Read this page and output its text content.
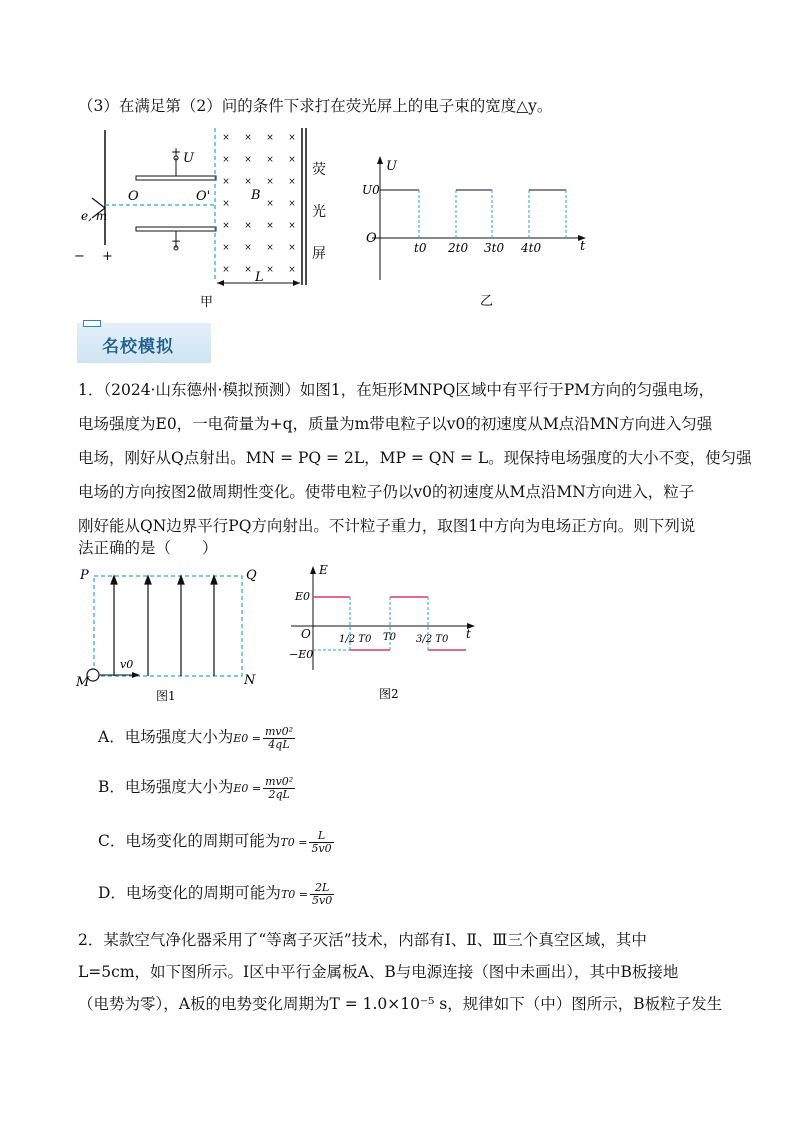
（3）在满足第（2）问的条件下求打在荧光屏上的电子束的宽度△y。
× × × ×
× × × ×
× × × ×
×	× ×
× × × ×
× × × ×
× × × ×
+ U
O	O'
e, m
− +
−
B
荧
光
屏
L
甲
U
U0
O
t
t0 2t0 3t0 4t0
乙
名校模拟
1．（2024·山东德州·模拟预测）如图1，在矩形MNPQ区域中有平行于PM方向的匀强电场，
电场强度为E0，一电荷量为+q，质量为m带电粒子以v0的初速度从M点沿MN方向进入匀强
电场，刚好从Q点射出。MN = PQ = 2L，MP = QN = L。现保持电场强度的大小不变，使匀强
电场的方向按图2做周期性变化。使带电粒子仍以v0的初速度从M点沿MN方向进入，粒子
刚好能从QN边界平行PQ方向射出。不计粒子重力，取图1中方向为电场正方向。则下列说
法正确的是（　　）
P	Q
M	N
v0
图1
E
E0
−E0
O	t
1/2 T0 T0 3/2 T0
图2
A．电场强度大小为$E0 = \frac{\text{mv0²}}{4qL}$
B．电场强度大小为$E0 = \frac{\text{mv0²}}{2qL}$
C．电场变化的周期可能为$T0 = \frac{L}{5v0}$
D．电场变化的周期可能为$T0 = \frac{2L}{5v0}$
2．某款空气净化器采用了“等离子灭活”技术，内部有Ⅰ、Ⅱ、Ⅲ三个真空区域，其中
L=5cm，如下图所示。Ⅰ区中平行金属板A、B与电源连接（图中未画出），其中B板接地
（电势为零），A板的电势变化周期为T = 1.0×10⁻⁵ s，规律如下（中）图所示，B板粒子发生
